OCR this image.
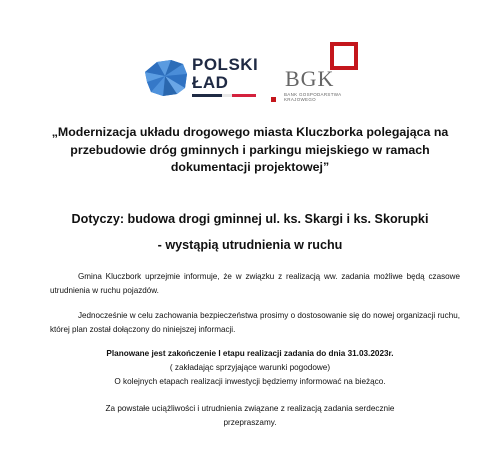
POLSKI
ŁAD	BGK
BANK GOSPODARSTWA
KRAJOWEGO
„Modernizacja układu drogowego miasta Kluczborka polegająca na
przebudowie dróg gminnych i parkingu miejskiego w ramach
dokumentacji projektowej”
Dotyczy: budowa drogi gminnej ul. ks. Skargi i ks. Skorupki
- wystąpią utrudnienia w ruchu
Gmina Kluczbork uprzejmie informuje, że w związku z realizacją ww. zadania możliwe będą czasowe utrudnienia w ruchu pojazdów.
Jednocześnie w celu zachowania bezpieczeństwa prosimy o dostosowanie się do nowej organizacji ruchu, której plan został dołączony do niniejszej informacji.
Planowane jest zakończenie I etapu realizacji zadania do dnia 31.03.2023r.
( zakładając sprzyjające warunki pogodowe)
O kolejnych etapach realizacji inwestycji będziemy informować na bieżąco.
Za powstałe uciążliwości i utrudnienia związane z realizacją zadania serdecznie
przepraszamy.
